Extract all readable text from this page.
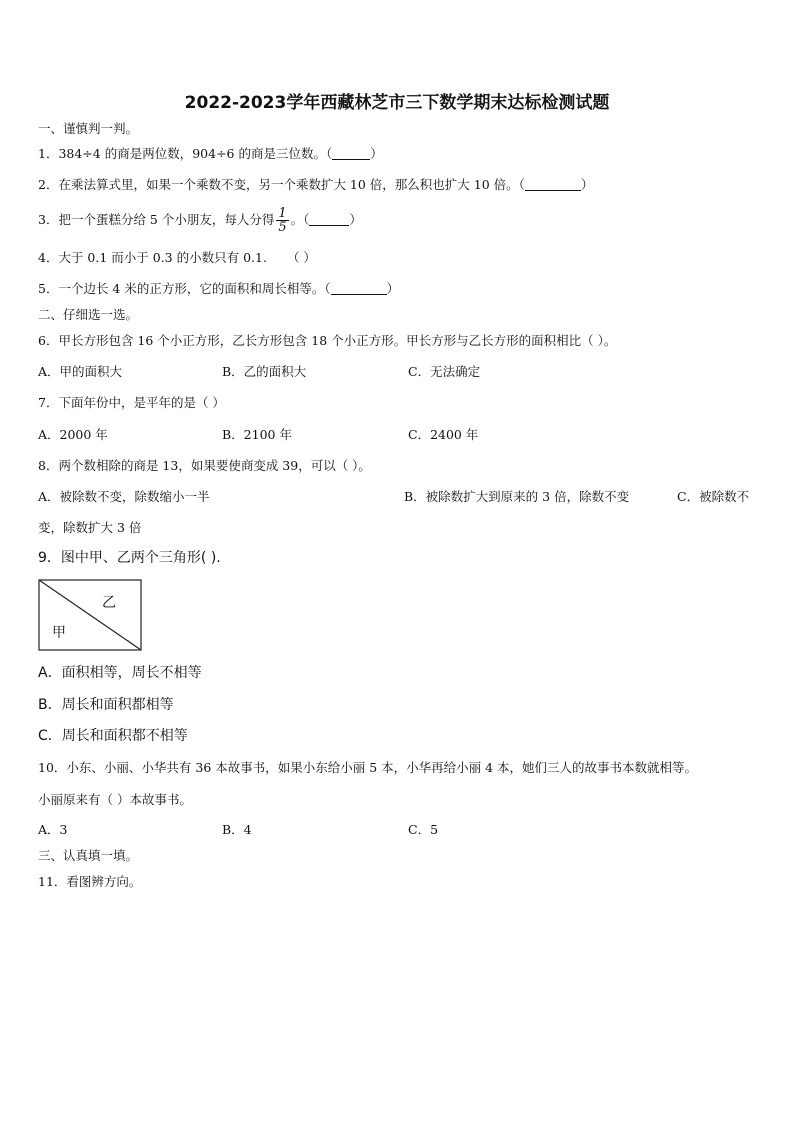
2022-2023学年西藏林芝市三下数学期末达标检测试题
一、谨慎判一判。
1．384÷4 的商是两位数，904÷6 的商是三位数。（	）
2．在乘法算式里，如果一个乘数不变，另一个乘数扩大 10 倍，那么积也扩大 10 倍。（	）
3．把一个蛋糕分给 5 个小朋友，每人分得 $\frac{1}{5}$ 。（	）
4．大于 0.1 而小于 0.3 的小数只有 0.1. （ ）
5．一个边长 4 米的正方形，它的面积和周长相等。（	）
二、仔细选一选。
6．甲长方形包含 16 个小正方形，乙长方形包含 18 个小正方形。甲长方形与乙长方形的面积相比（ ）。
A．甲的面积大	B．乙的面积大	C．无法确定
7．下面年份中，是平年的是（ ）
A．2000 年	B．2100 年	C．2400 年
8．两个数相除的商是 13，如果要使商变成 39，可以（ ）。
A．被除数不变，除数缩小一半	B．被除数扩大到原来的 3 倍，除数不变	C．被除数不
变，除数扩大 3 倍
9．图中甲、乙两个三角形( ).
乙
甲
A．面积相等，周长不相等
B．周长和面积都相等
C．周长和面积都不相等
10．小东、小丽、小华共有 36 本故事书，如果小东给小丽 5 本，小华再给小丽 4 本，她们三人的故事书本数就相等。
小丽原来有（ ）本故事书。
A．3	B．4	C．5
三、认真填一填。
11．看图辨方向。
